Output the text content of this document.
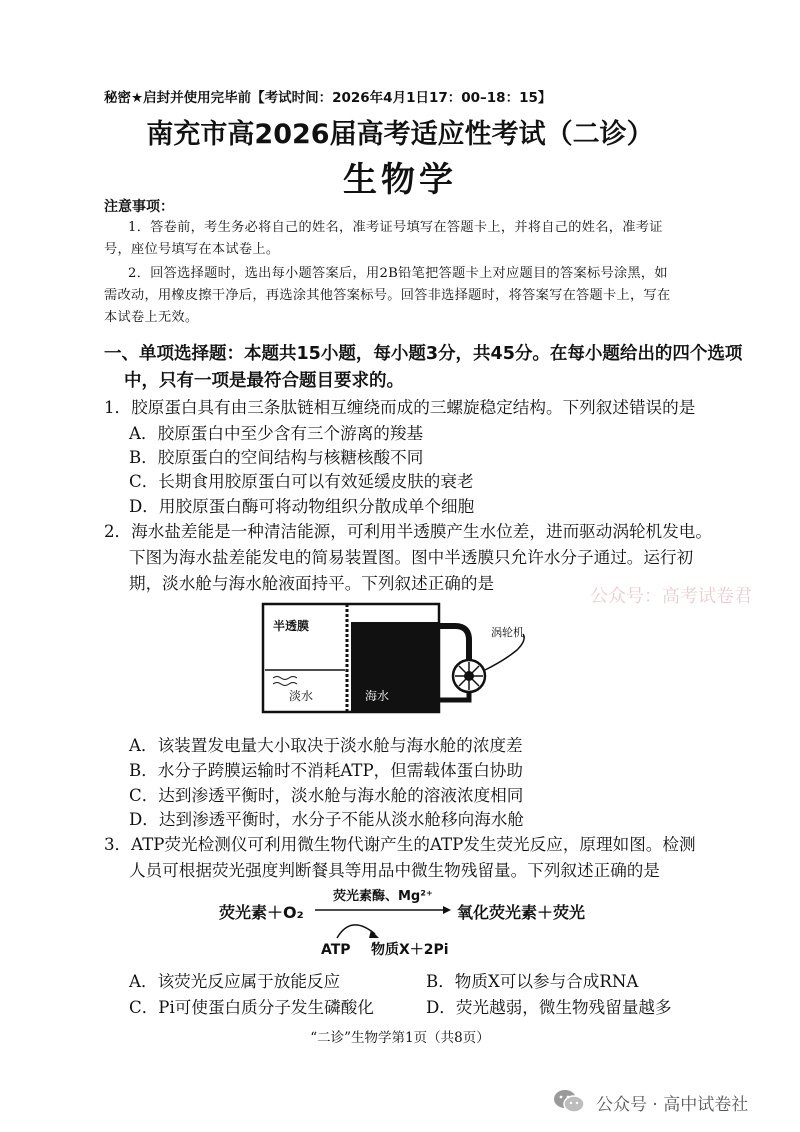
秘密★启封并使用完毕前【考试时间：2026年4月1日17：00–18：15】
南充市高2026届高考适应性考试（二诊）
生物学
注意事项：
1．答卷前，考生务必将自己的姓名，准考证号填写在答题卡上，并将自己的姓名，准考证
号，座位号填写在本试卷上。
2．回答选择题时，选出每小题答案后，用2B铅笔把答题卡上对应题目的答案标号涂黑，如
需改动，用橡皮擦干净后，再选涂其他答案标号。回答非选择题时，将答案写在答题卡上，写在
本试卷上无效。
一、单项选择题：本题共15小题，每小题3分，共45分。在每小题给出的四个选项
中，只有一项是最符合题目要求的。
1．胶原蛋白具有由三条肽链相互缠绕而成的三螺旋稳定结构。下列叙述错误的是
A．胶原蛋白中至少含有三个游离的羧基
B．胶原蛋白的空间结构与核糖核酸不同
C．长期食用胶原蛋白可以有效延缓皮肤的衰老
D．用胶原蛋白酶可将动物组织分散成单个细胞
2．海水盐差能是一种清洁能源，可利用半透膜产生水位差，进而驱动涡轮机发电。
下图为海水盐差能发电的简易装置图。图中半透膜只允许水分子通过。运行初
期，淡水舱与海水舱液面持平。下列叙述正确的是
公众号：高考试卷君
半透膜
淡水	海水
涡轮机
A．该装置发电量大小取决于淡水舱与海水舱的浓度差
B．水分子跨膜运输时不消耗ATP，但需载体蛋白协助
C．达到渗透平衡时，淡水舱与海水舱的溶液浓度相同
D．达到渗透平衡时，水分子不能从淡水舱移向海水舱
3．ATP荧光检测仪可利用微生物代谢产生的ATP发生荧光反应，原理如图。检测
人员可根据荧光强度判断餐具等用品中微生物残留量。下列叙述正确的是
荧光素＋O₂
荧光素酶、Mg²⁺
氧化荧光素＋荧光
ATP 物质X＋2Pi
A．该荧光反应属于放能反应	B．物质X可以参与合成RNA
C．Pi可使蛋白质分子发生磷酸化	D．荧光越弱，微生物残留量越多
“二诊”生物学第1页（共8页）
公众号 · 高中试卷社
